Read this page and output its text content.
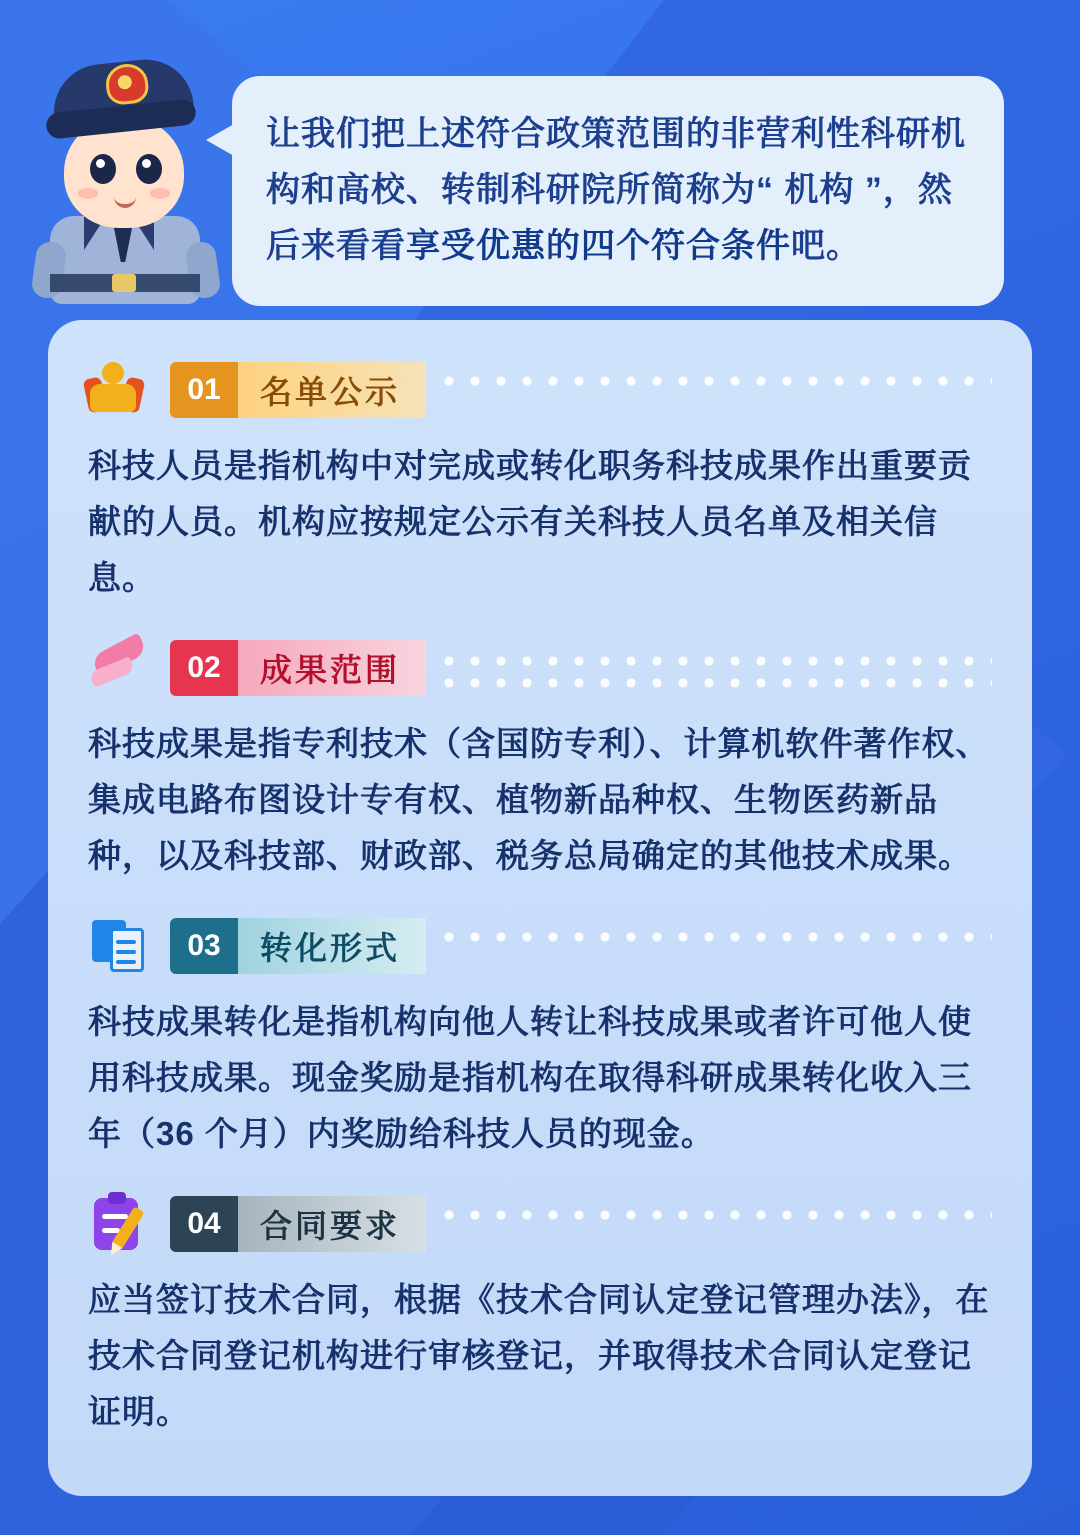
让我们把上述符合政策范围的非营利性科研机构和高校、转制科研院所简称为“ 机构 ”，然后来看看享受优惠的四个符合条件吧。

01	名单公示

科技人员是指机构中对完成或转化职务科技成果作出重要贡献的人员。机构应按规定公示有关科技人员名单及相关信息。

02	成果范围

科技成果是指专利技术（含国防专利）、计算机软件著作权、集成电路布图设计专有权、植物新品种权、生物医药新品种，以及科技部、财政部、税务总局确定的其他技术成果。

03	转化形式

科技成果转化是指机构向他人转让科技成果或者许可他人使用科技成果。现金奖励是指机构在取得科研成果转化收入三年（36 个月）内奖励给科技人员的现金。

04	合同要求

应当签订技术合同，根据《技术合同认定登记管理办法》，在技术合同登记机构进行审核登记，并取得技术合同认定登记证明。
